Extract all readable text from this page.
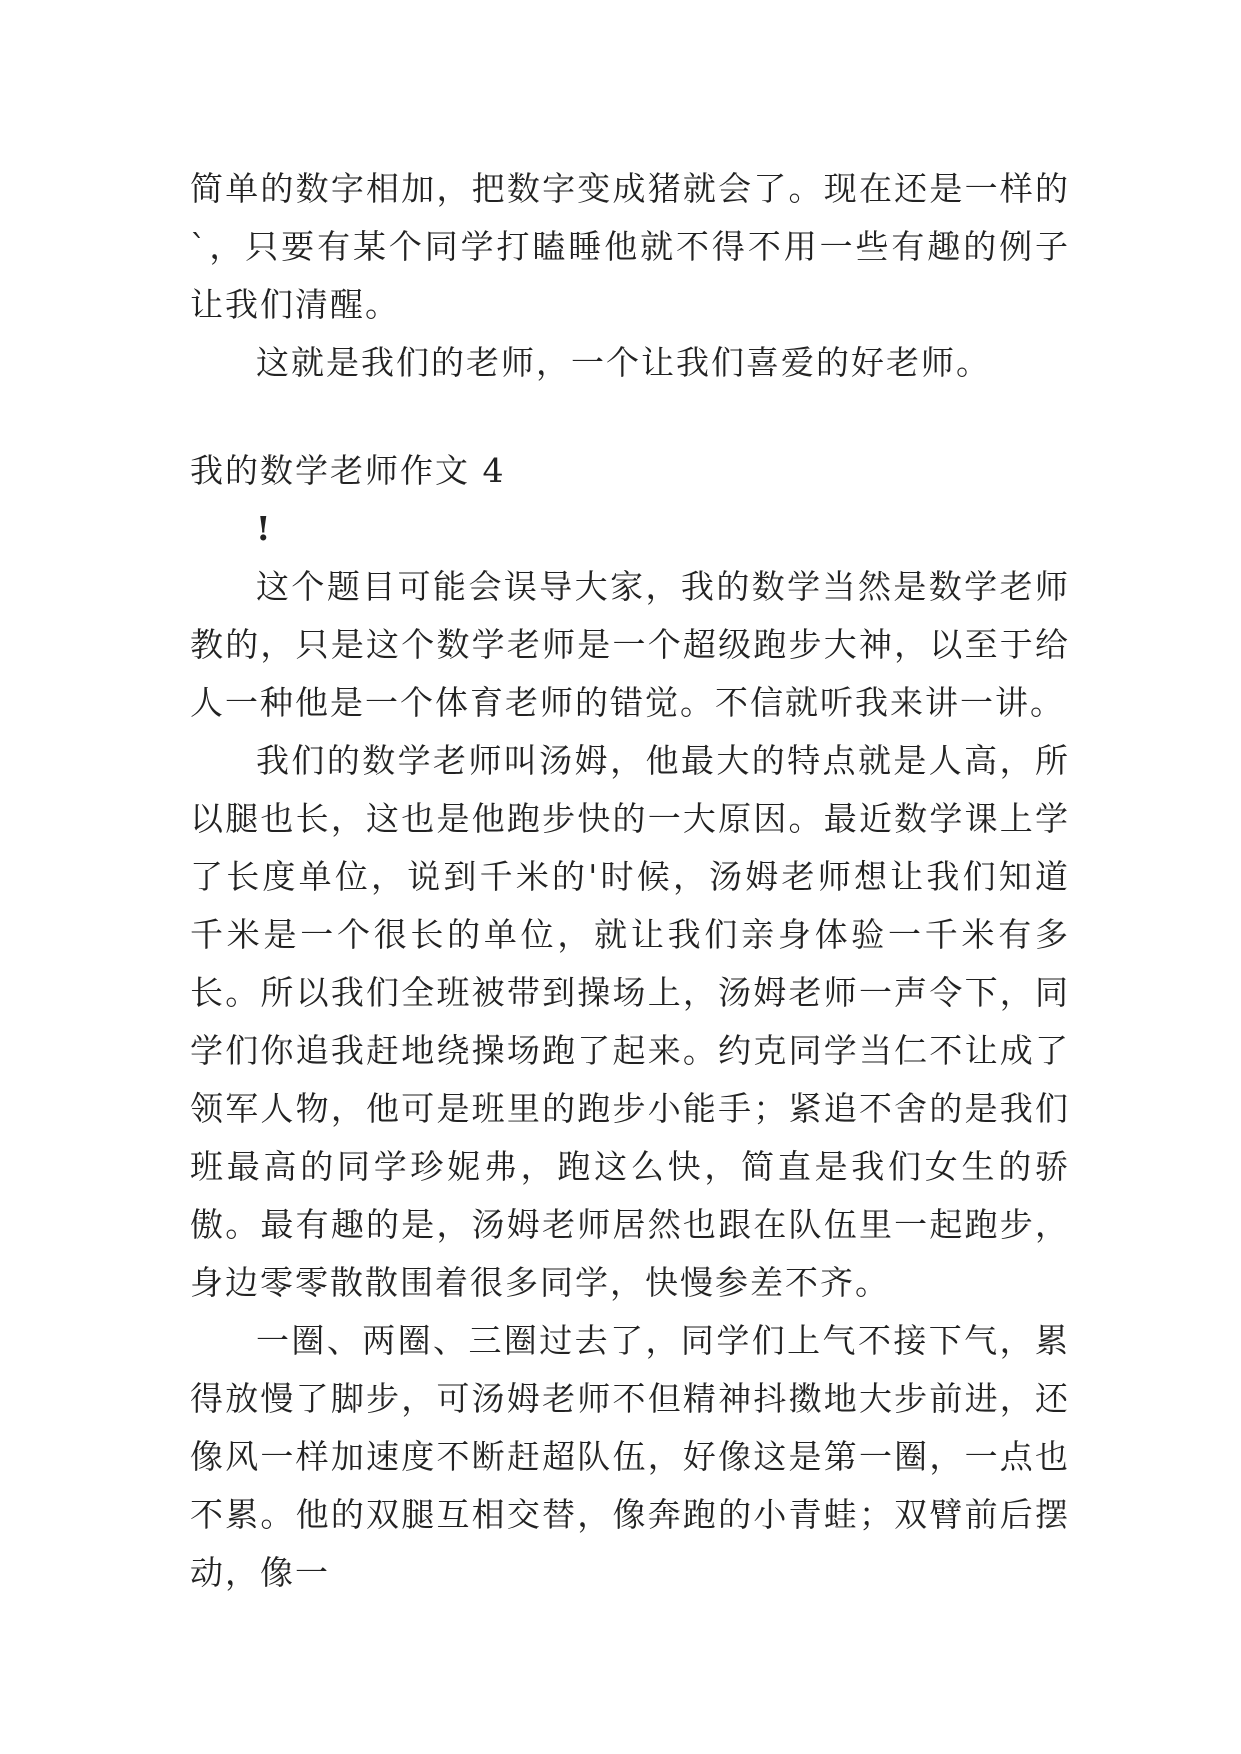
简单的数字相加，把数字变成猪就会了。现在还是一样的`，只要有某个同学打瞌睡他就不得不用一些有趣的例子让我们清醒。

这就是我们的老师，一个让我们喜爱的好老师。

我的数学老师作文 4

!

这个题目可能会误导大家，我的数学当然是数学老师教的，只是这个数学老师是一个超级跑步大神，以至于给人一种他是一个体育老师的错觉。不信就听我来讲一讲。

我们的数学老师叫汤姆，他最大的特点就是人高，所以腿也长，这也是他跑步快的一大原因。最近数学课上学了长度单位，说到千米的'时候，汤姆老师想让我们知道千米是一个很长的单位，就让我们亲身体验一千米有多长。所以我们全班被带到操场上，汤姆老师一声令下，同学们你追我赶地绕操场跑了起来。约克同学当仁不让成了领军人物，他可是班里的跑步小能手；紧追不舍的是我们班最高的同学珍妮弗，跑这么快，简直是我们女生的骄傲。最有趣的是，汤姆老师居然也跟在队伍里一起跑步，身边零零散散围着很多同学，快慢参差不齐。

一圈、两圈、三圈过去了，同学们上气不接下气，累得放慢了脚步，可汤姆老师不但精神抖擞地大步前进，还像风一样加速度不断赶超队伍，好像这是第一圈，一点也不累。他的双腿互相交替，像奔跑的小青蛙；双臂前后摆动，像一
